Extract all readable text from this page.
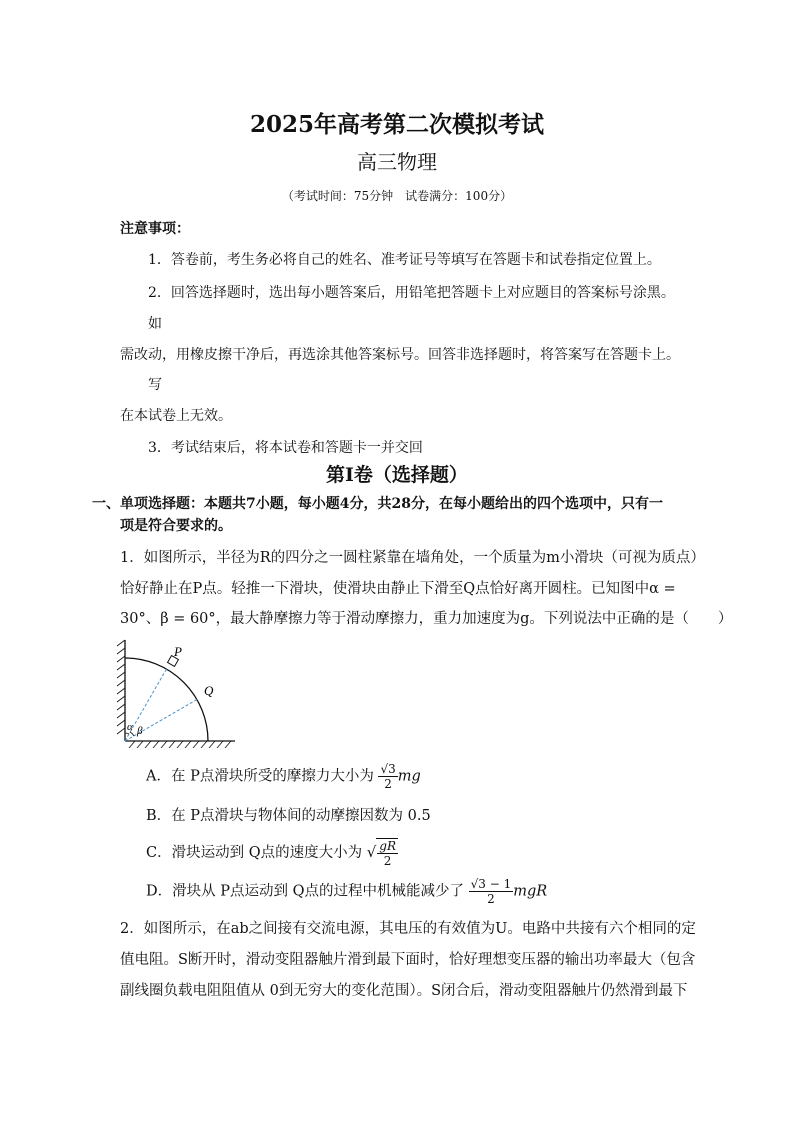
2025年高考第二次模拟考试
高三物理
（考试时间：75分钟　试卷满分：100分）
注意事项：
1．答卷前，考生务必将自己的姓名、准考证号等填写在答题卡和试卷指定位置上。
2．回答选择题时，选出每小题答案后，用铅笔把答题卡上对应题目的答案标号涂黑。
如
需改动，用橡皮擦干净后，再选涂其他答案标号。回答非选择题时，将答案写在答题卡上。
写
在本试卷上无效。
3．考试结束后，将本试卷和答题卡一并交回
第I卷（选择题）
一、单项选择题：本题共7小题，每小题4分，共28分，在每小题给出的四个选项中，只有一
项是符合要求的。
1．如图所示，半径为R的四分之一圆柱紧靠在墙角处，一个质量为m小滑块（可视为质点）
恰好静止在P点。轻推一下滑块，使滑块由静止下滑至Q点恰好离开圆柱。已知图中α =
30°、β = 60°，最大静摩擦力等于滑动摩擦力，重力加速度为g。下列说法中正确的是（　　）
P
Q
α β
A．在 P点滑块所受的摩擦力大小为 $\frac{√3}{2}$ mg
B．在 P点滑块与物体间的动摩擦因数为 0.5
C．滑块运动到 Q点的速度大小为 √ $\frac{gR}{2}$
D．滑块从 P点运动到 Q点的过程中机械能减少了 $\frac{√3 - 1}{2}$ mgR
2．如图所示，在ab之间接有交流电源，其电压的有效值为U。电路中共接有六个相同的定
值电阻。S断开时，滑动变阻器触片滑到最下面时，恰好理想变压器的输出功率最大（包含
副线圈负载电阻阻值从 0到无穷大的变化范围）。S闭合后，滑动变阻器触片仍然滑到最下
